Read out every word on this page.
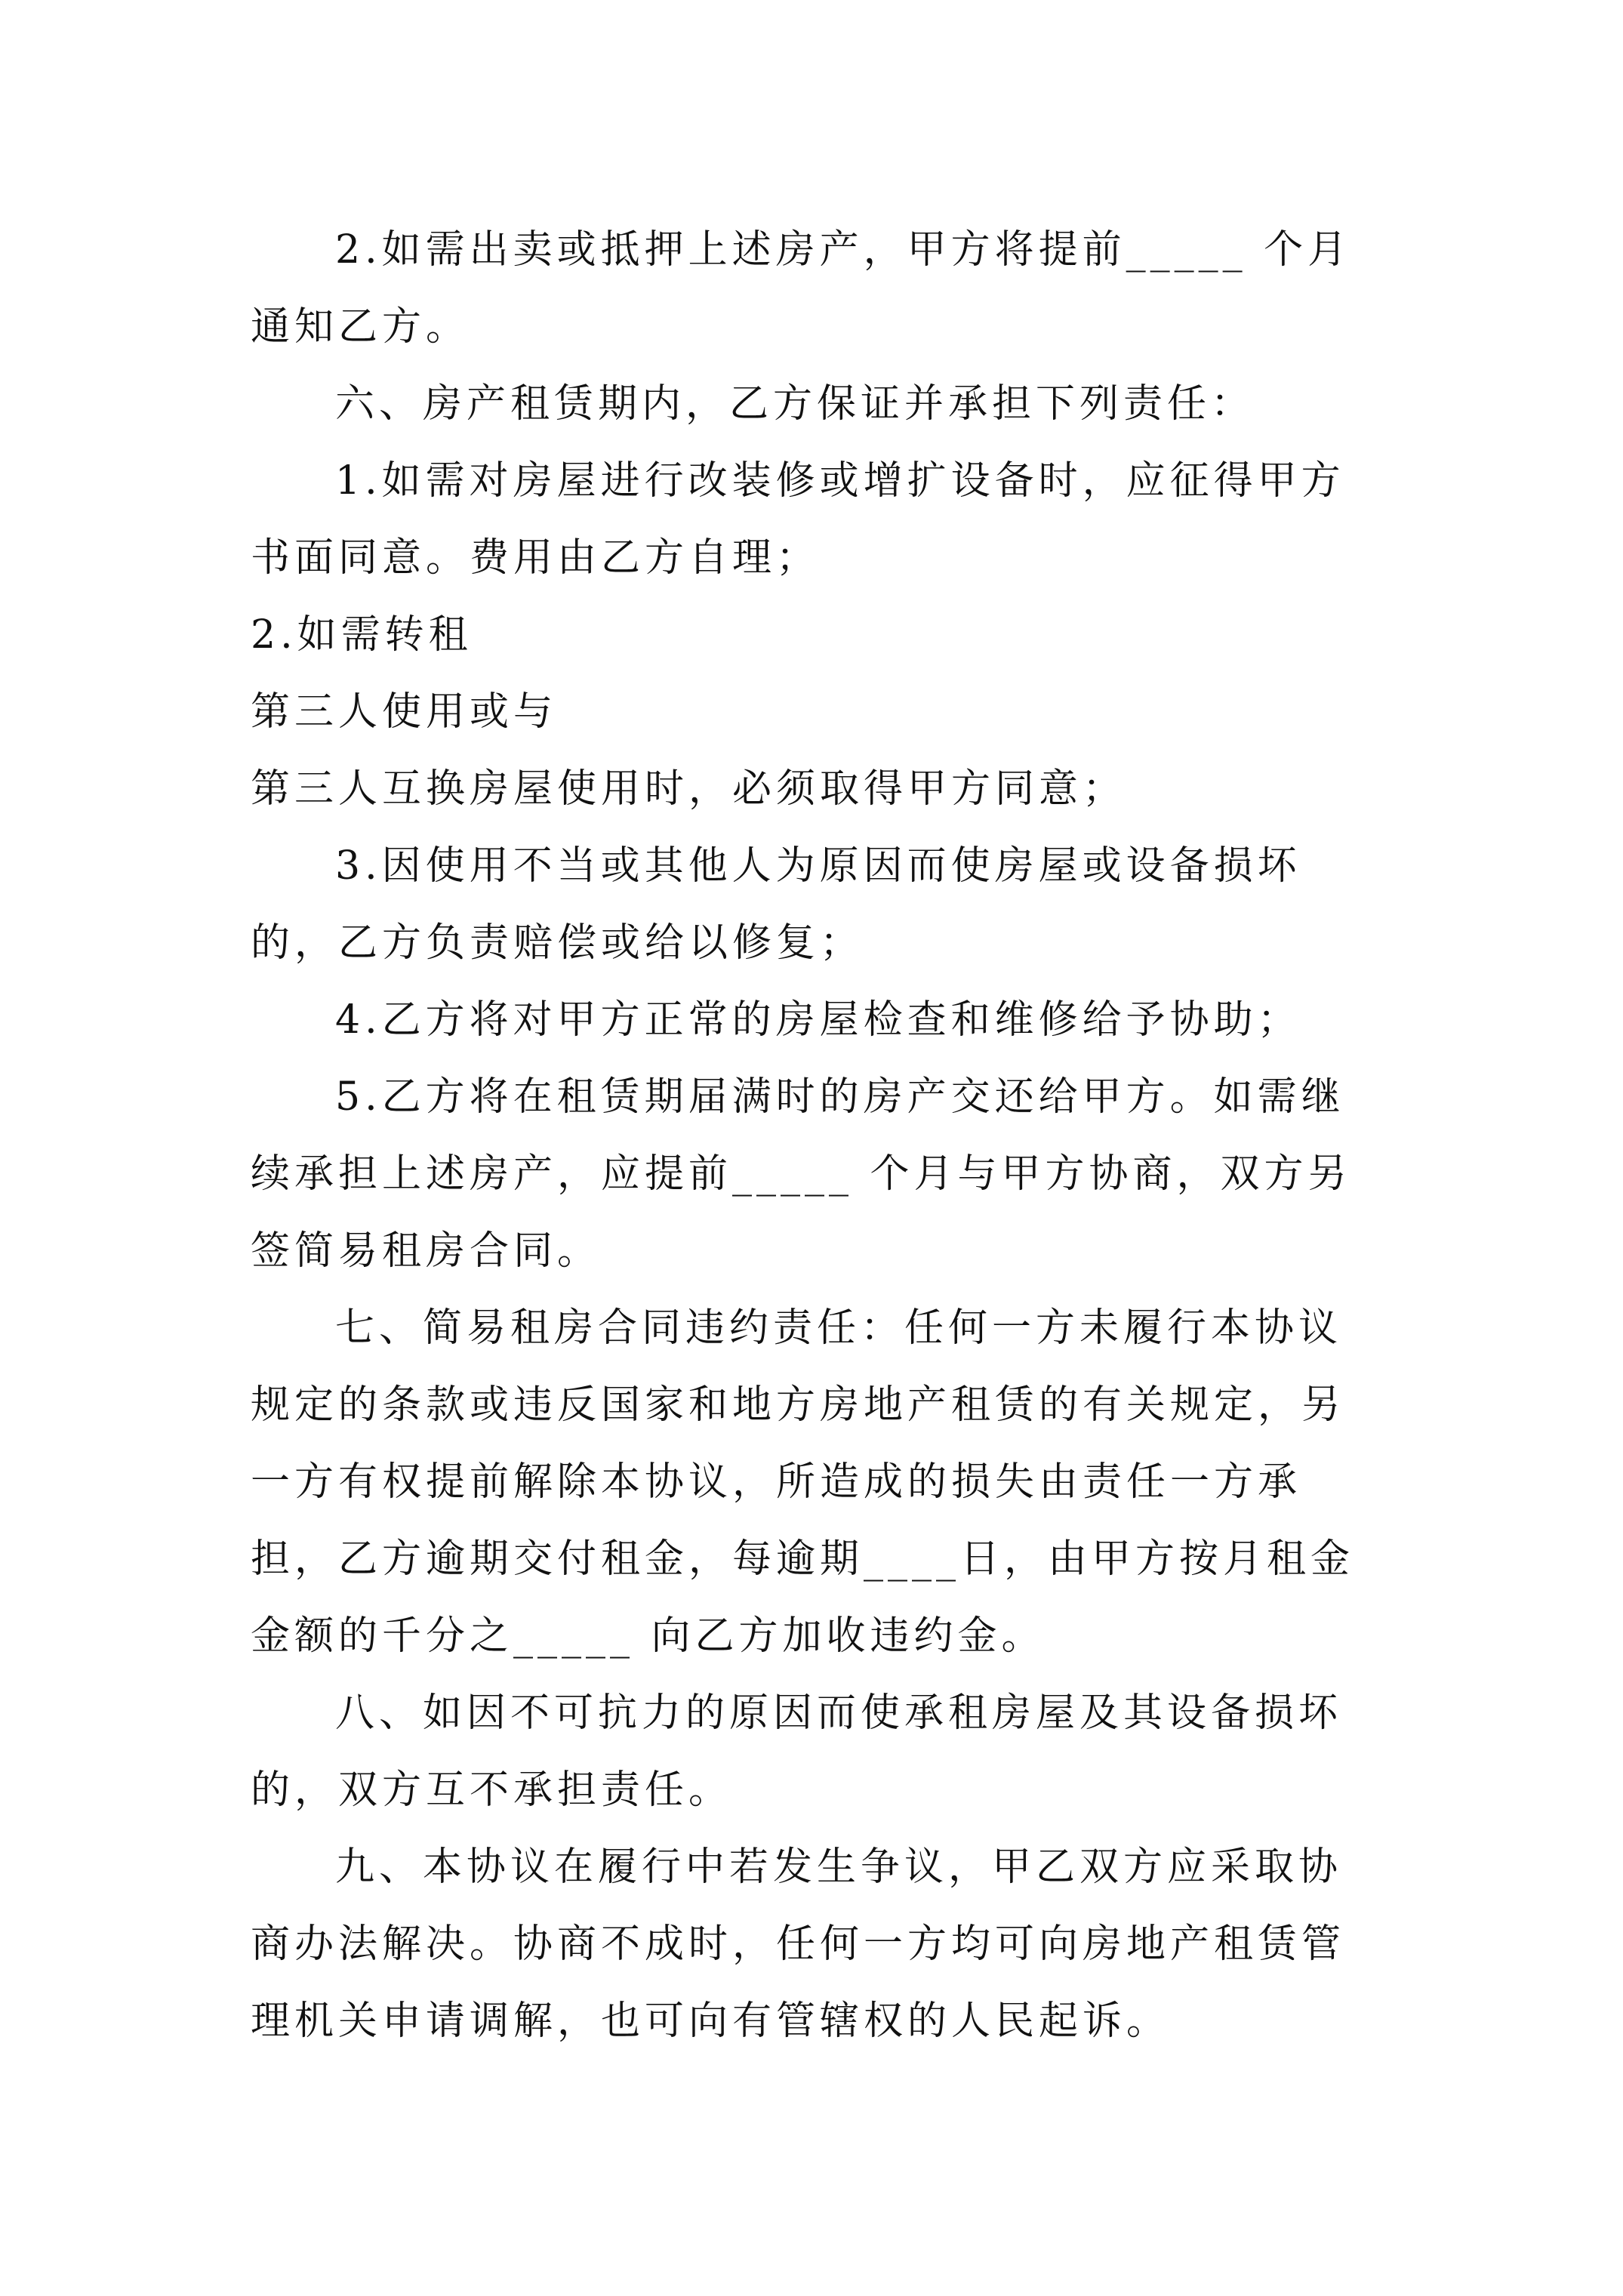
2.如需出卖或抵押上述房产，甲方将提前_____ 个月通知乙方。

六、房产租赁期内，乙方保证并承担下列责任：

1.如需对房屋进行改装修或增扩设备时，应征得甲方书面同意。费用由乙方自理；

2.如需转租

第三人使用或与

第三人互换房屋使用时，必须取得甲方同意；

3.因使用不当或其他人为原因而使房屋或设备损坏的，乙方负责赔偿或给以修复；

4.乙方将对甲方正常的房屋检查和维修给予协助；

5.乙方将在租赁期届满时的房产交还给甲方。如需继续承担上述房产，应提前_____ 个月与甲方协商，双方另签简易租房合同。

七、简易租房合同违约责任：任何一方未履行本协议规定的条款或违反国家和地方房地产租赁的有关规定，另一方有权提前解除本协议，所造成的损失由责任一方承担，乙方逾期交付租金，每逾期____日，由甲方按月租金金额的千分之_____ 向乙方加收违约金。

八、如因不可抗力的原因而使承租房屋及其设备损坏的，双方互不承担责任。

九、本协议在履行中若发生争议，甲乙双方应采取协商办法解决。协商不成时，任何一方均可向房地产租赁管理机关申请调解，也可向有管辖权的人民起诉。
